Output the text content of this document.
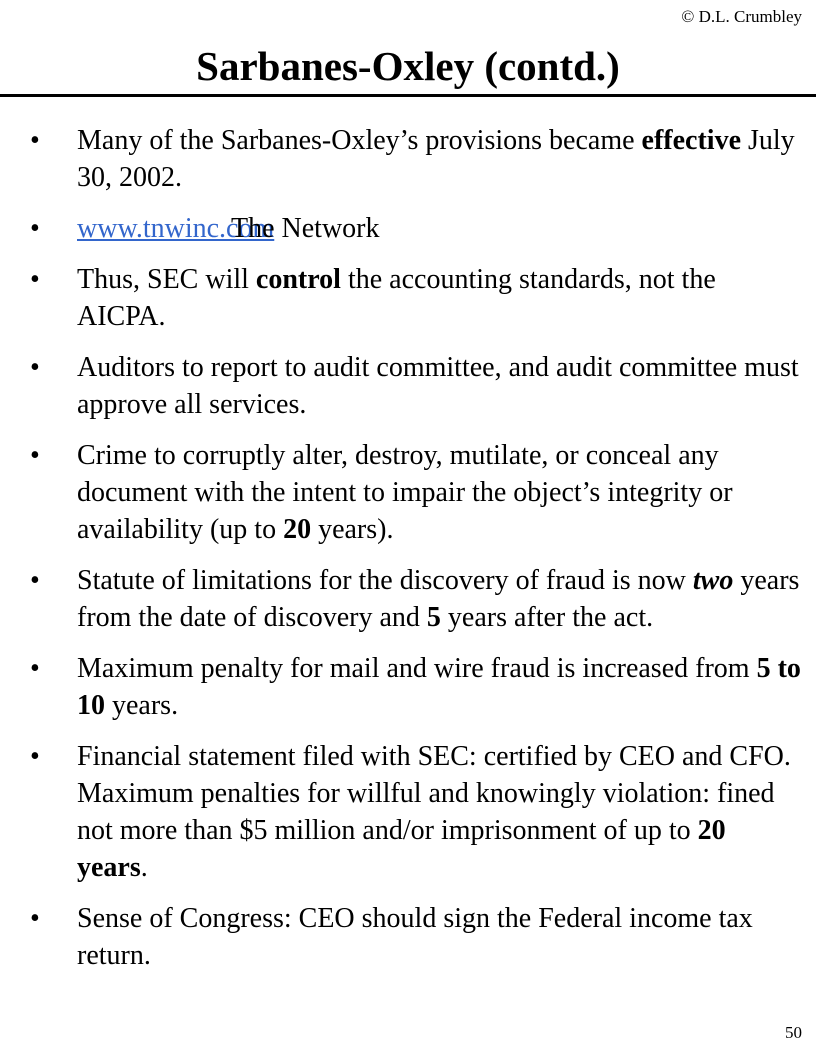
© D.L. Crumbley
Sarbanes-Oxley (contd.)
•	Many of the Sarbanes-Oxley’s provisions became effective July 30, 2002.
•	www.tnwinc.comThe Network
•	Thus, SEC will control the accounting standards, not the AICPA.
•	Auditors to report to audit committee, and audit committee must approve all services.
•	Crime to corruptly alter, destroy, mutilate, or conceal any document with the intent to impair the object’s integrity or availability (up to 20 years).
•	Statute of limitations for the discovery of fraud is now two years from the date of discovery and 5 years after the act.
•	Maximum penalty for mail and wire fraud is increased from 5 to 10 years.
•	Financial statement filed with SEC: certified by CEO and CFO. Maximum penalties for willful and knowingly violation: fined not more than $5 million and/or imprisonment of up to 20 years.
•	Sense of Congress: CEO should sign the Federal income tax return.
50
